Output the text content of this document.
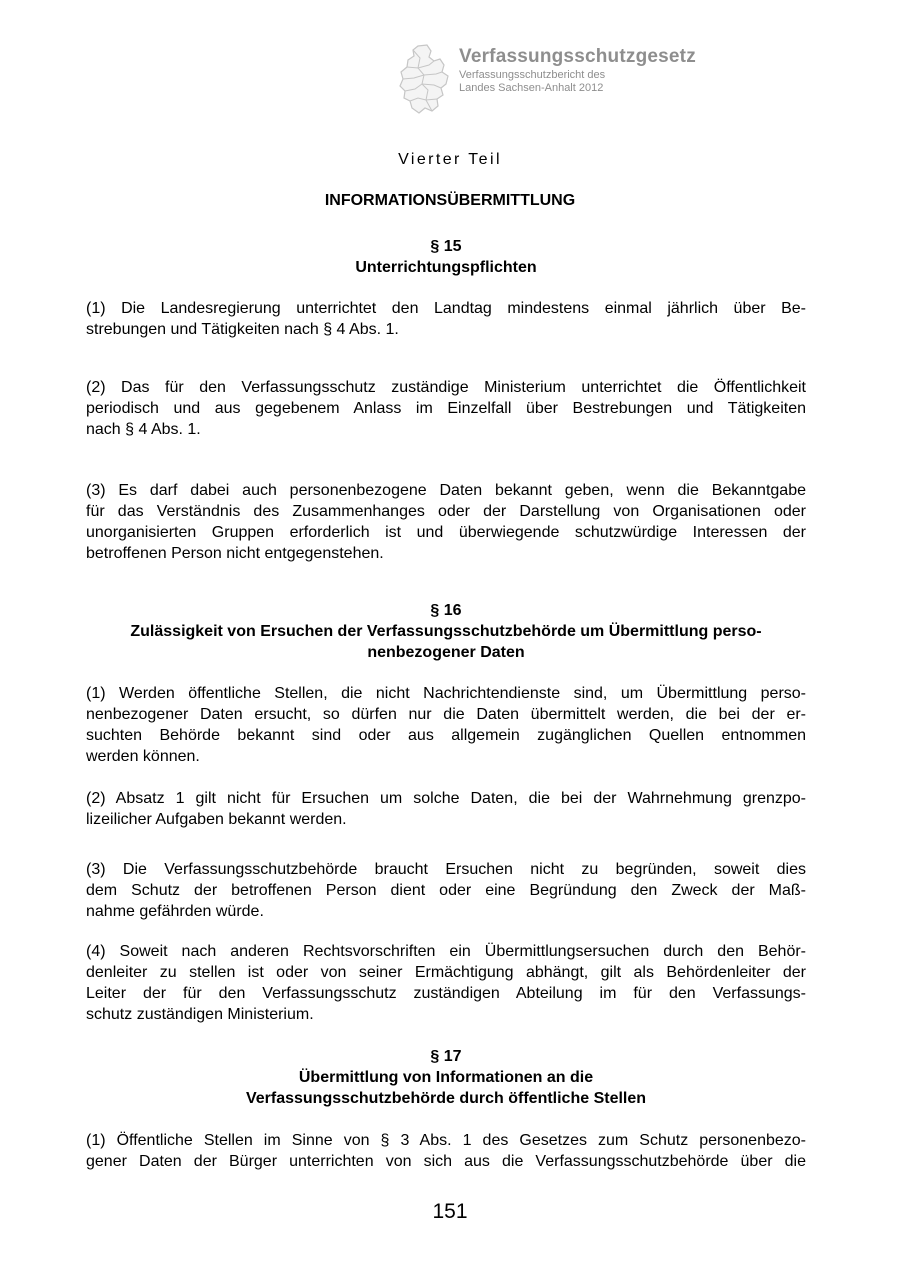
Verfassungsschutzgesetz
Verfassungsschutzbericht des
Landes Sachsen-Anhalt 2012
Vierter Teil
INFORMATIONSÜBERMITTLUNG
§ 15
Unterrichtungspflichten
(1) Die Landesregierung unterrichtet den Landtag mindestens einmal jährlich über Be-
strebungen und Tätigkeiten nach § 4 Abs. 1.
(2) Das für den Verfassungsschutz zuständige Ministerium unterrichtet die Öffentlichkeit
periodisch und aus gegebenem Anlass im Einzelfall über Bestrebungen und Tätigkeiten
nach § 4 Abs. 1.
(3) Es darf dabei auch personenbezogene Daten bekannt geben, wenn die Bekanntgabe
für das Verständnis des Zusammenhanges oder der Darstellung von Organisationen oder
unorganisierten Gruppen erforderlich ist und überwiegende schutzwürdige Interessen der
betroffenen Person nicht entgegenstehen.
§ 16
Zulässigkeit von Ersuchen der Verfassungsschutzbehörde um Übermittlung perso-
nenbezogener Daten
(1) Werden öffentliche Stellen, die nicht Nachrichtendienste sind, um Übermittlung perso-
nenbezogener Daten ersucht, so dürfen nur die Daten übermittelt werden, die bei der er-
suchten Behörde bekannt sind oder aus allgemein zugänglichen Quellen entnommen
werden können.
(2) Absatz 1 gilt nicht für Ersuchen um solche Daten, die bei der Wahrnehmung grenzpo-
lizeilicher Aufgaben bekannt werden.
(3) Die Verfassungsschutzbehörde braucht Ersuchen nicht zu begründen, soweit dies
dem Schutz der betroffenen Person dient oder eine Begründung den Zweck der Maß-
nahme gefährden würde.
(4) Soweit nach anderen Rechtsvorschriften ein Übermittlungsersuchen durch den Behör-
denleiter zu stellen ist oder von seiner Ermächtigung abhängt, gilt als Behördenleiter der
Leiter der für den Verfassungsschutz zuständigen Abteilung im für den Verfassungs-
schutz zuständigen Ministerium.
§ 17
Übermittlung von Informationen an die
Verfassungsschutzbehörde durch öffentliche Stellen
(1) Öffentliche Stellen im Sinne von § 3 Abs. 1 des Gesetzes zum Schutz personenbezo-
gener Daten der Bürger unterrichten von sich aus die Verfassungsschutzbehörde über die
151
